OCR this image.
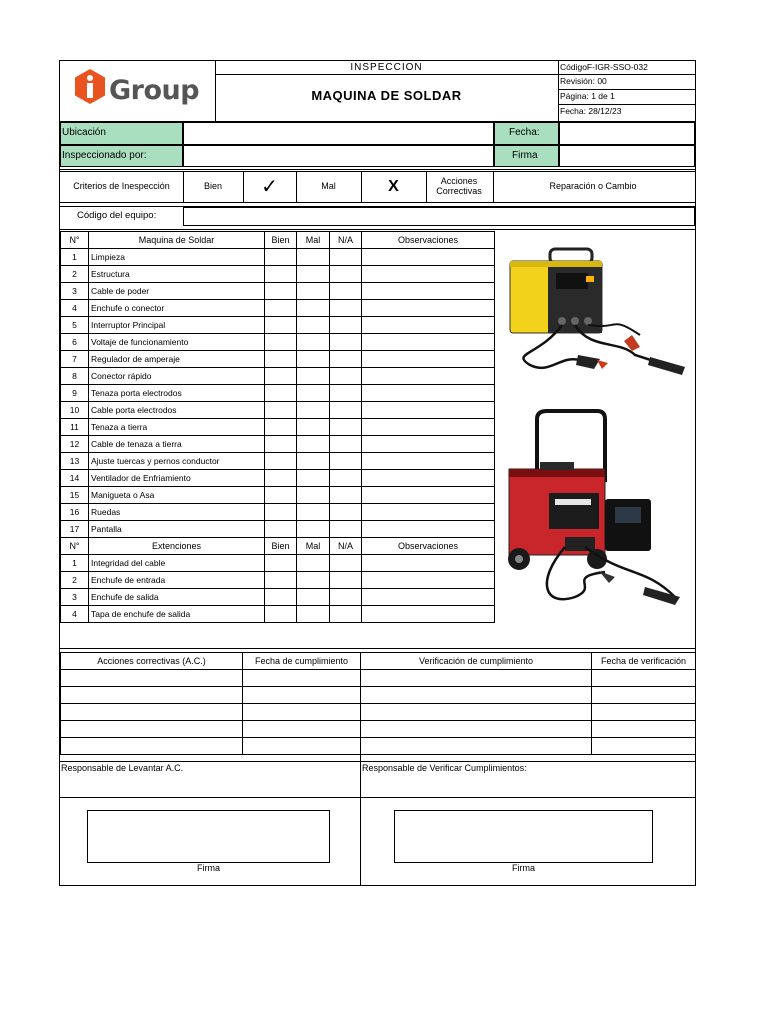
Group
INSPECCION
MAQUINA DE SOLDAR
CódigoF-IGR-SSO-032
Revisión: 00
Página: 1 de 1
Fecha: 28/12/23
Ubicación	Fecha:
Inspeccionado por:	Firma
Criterios de Inespección	Bien	✓	Mal	X	Acciones Correctivas
Reparación o Cambio
Código del equipo:
N°	Maquina de Soldar	Bien	Mal	N/A	Observaciones
1	Limpieza				
2	Estructura				
3	Cable de poder				
4	Enchufe o conector				
5	Interruptor Principal				
6	Voltaje de funcionamiento				
7	Regulador de amperaje				
8	Conector rápido				
9	Tenaza porta electrodos				
10	Cable porta electrodos				
11	Tenaza a tierra				
12	Cable de tenaza a tierra				
13	Ajuste tuercas y pernos conductor				
14	Ventilador de Enfriamiento				
15	Manigueta o Asa				
16	Ruedas				
17	Pantalla				
N°	Extenciones	Bien	Mal	N/A	Observaciones
1	Integridad del cable				
2	Enchufe de entrada				
3	Enchufe de salida				
4	Tapa de enchufe de salida				
Acciones correctivas (A.C.)	Fecha de cumplimiento	Verificación de cumplimiento	Fecha de verificación

Responsable de Levantar A.C.	Responsable de Verificar Cumplimientos:
Firma	Firma
